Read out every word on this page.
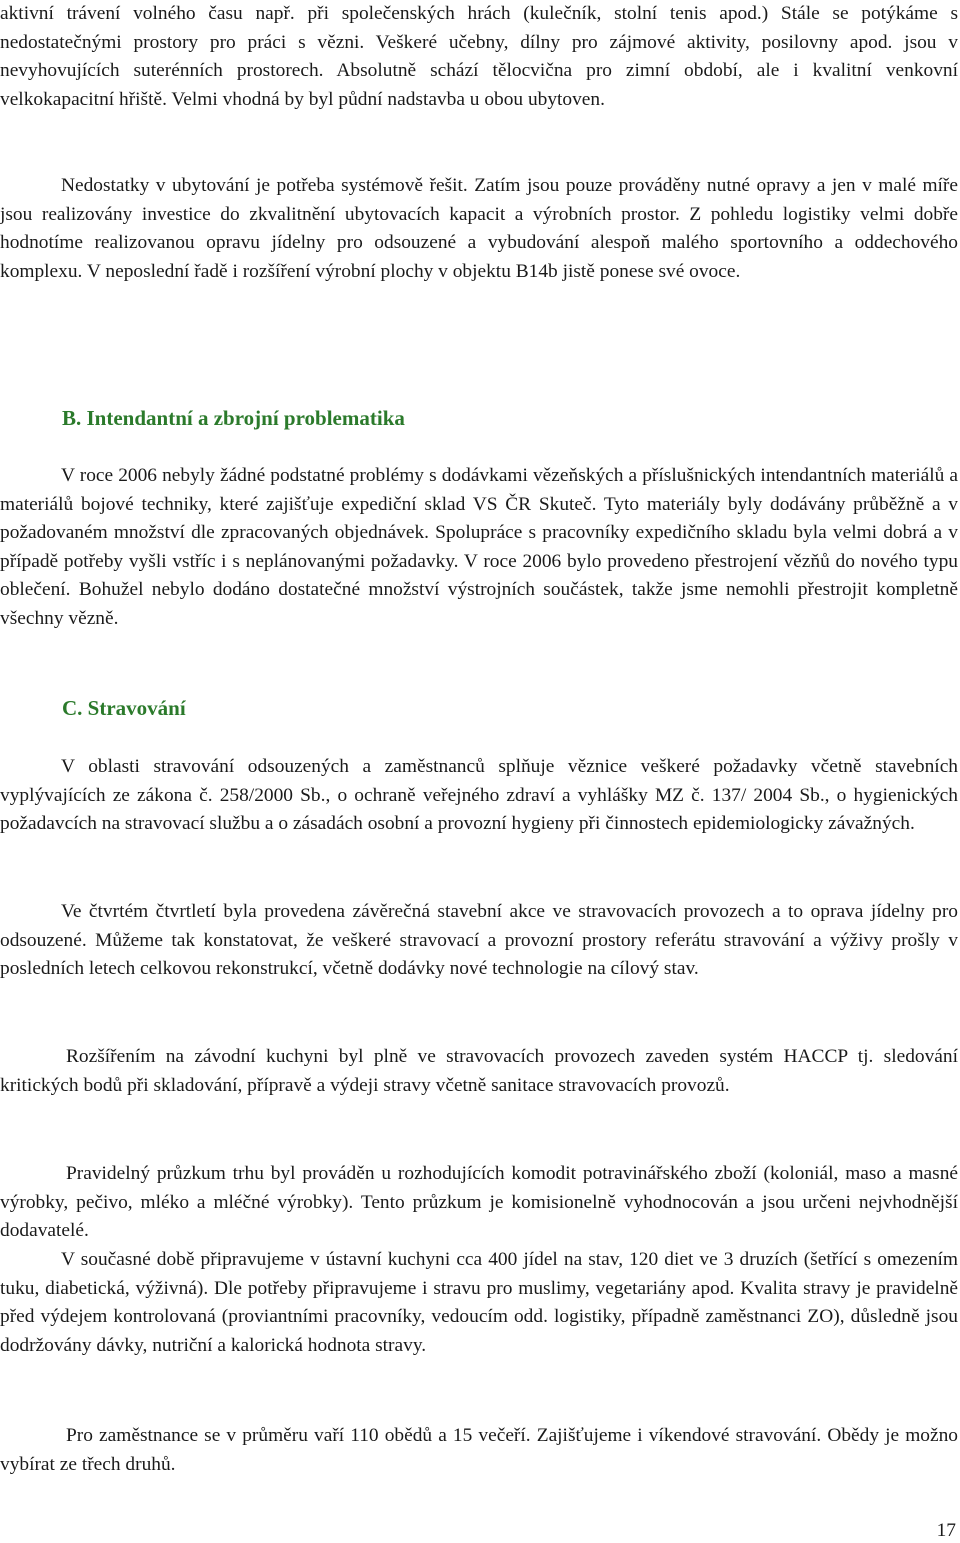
aktivní trávení volného času např. při společenských hrách (kulečník, stolní tenis apod.) Stále se potýkáme s nedostatečnými prostory pro práci s vězni. Veškeré učebny, dílny pro zájmové aktivity, posilovny apod. jsou v nevyhovujících suterénních prostorech. Absolutně schází tělocvična pro zimní období, ale i kvalitní venkovní velkokapacitní hřiště. Velmi vhodná by byl půdní nadstavba u obou ubytoven.

Nedostatky v ubytování je potřeba systémově řešit. Zatím jsou pouze prováděny nutné opravy a jen v malé míře jsou realizovány investice do zkvalitnění ubytovacích kapacit a výrobních prostor. Z pohledu logistiky velmi dobře hodnotíme realizovanou opravu jídelny pro odsouzené a vybudování alespoň malého sportovního a oddechového komplexu. V neposlední řadě i rozšíření výrobní plochy v objektu B14b jistě ponese své ovoce.

B. Intendantní a zbrojní problematika

V roce 2006 nebyly žádné podstatné problémy s dodávkami vězeňských a příslušnických intendantních materiálů a materiálů bojové techniky, které zajišťuje expediční sklad VS ČR Skuteč. Tyto materiály byly dodávány průběžně a v požadovaném množství dle zpracovaných objednávek. Spolupráce s pracovníky expedičního skladu byla velmi dobrá a v případě potřeby vyšli vstříc i s neplánovanými požadavky. V roce 2006 bylo provedeno přestrojení vězňů do nového typu oblečení. Bohužel nebylo dodáno dostatečné množství výstrojních součástek, takže jsme nemohli přestrojit kompletně všechny vězně.

C. Stravování

V oblasti stravování odsouzených a zaměstnanců splňuje věznice veškeré požadavky včetně stavebních vyplývajících ze zákona č. 258/2000 Sb., o ochraně veřejného zdraví a vyhlášky MZ č. 137/ 2004 Sb., o hygienických požadavcích na stravovací službu a o zásadách osobní a provozní hygieny při činnostech epidemiologicky závažných.

Ve čtvrtém čtvrtletí byla provedena závěrečná stavební akce ve stravovacích provozech a to oprava jídelny pro odsouzené. Můžeme tak konstatovat, že veškeré stravovací a provozní prostory referátu stravování a výživy prošly v posledních letech celkovou rekonstrukcí, včetně dodávky nové technologie na cílový stav.

Rozšířením na závodní kuchyni byl plně ve stravovacích provozech zaveden systém HACCP tj. sledování kritických bodů při skladování, přípravě a výdeji stravy včetně sanitace stravovacích provozů.

Pravidelný průzkum trhu byl prováděn u rozhodujících komodit potravinářského zboží (koloniál, maso a masné výrobky, pečivo, mléko a mléčné výrobky). Tento průzkum je komisionelně vyhodnocován a jsou určeni nejvhodnější dodavatelé.

V současné době připravujeme v ústavní kuchyni cca 400 jídel na stav, 120 diet ve 3 druzích (šetřící s omezením tuku, diabetická, výživná). Dle potřeby připravujeme i stravu pro muslimy, vegetariány apod. Kvalita stravy je pravidelně před výdejem kontrolovaná (proviantními pracovníky, vedoucím odd. logistiky, případně zaměstnanci ZO), důsledně jsou dodržovány dávky, nutriční a kalorická hodnota stravy.

Pro zaměstnance se v průměru vaří 110 obědů a 15 večeří. Zajišťujeme i víkendové stravování. Obědy je možno vybírat ze třech druhů.

17
